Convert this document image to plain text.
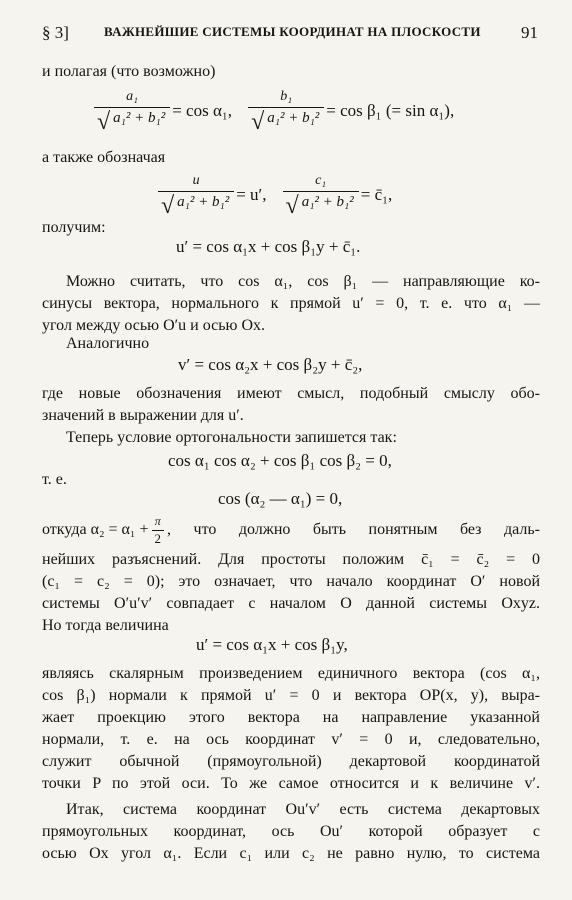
§ 3]	ВАЖНЕЙШИЕ СИСТЕМЫ КООРДИНАТ НА ПЛОСКОСТИ 91
и полагая (что возможно)
$\frac{\text{a₁}}{\text{√ a₁² + b₁²}} = \cos \alpha_1$, $\frac{\text{b₁}}{\text{√ a₁² + b₁²}} = \cos \beta_1$ (= sin α₁),
а также обозначая
$\frac{u}{\text{√ a₁² + b₁²}} = u'$, $\frac{\text{c₁}}{\text{√ a₁² + b₁²}}$ = c̄₁,
получим:
u′ = cos α₁x + cos β₁y + c̄₁.
Можно считать, что cos α₁, cos β₁ — направляющие ко-
синусы вектора, нормального к прямой u′ = 0, т. е. что α₁ —
угол между осью O′u и осью Ox.
Аналогично
v′ = cos α₂x + cos β₂y + c̄₂,
где новые обозначения имеют смысл, подобный смыслу обо-
значений в выражении для u′.
Теперь условие ортогональности запишется так:
cos α₁ cos α₂ + cos β₁ cos β₂ = 0,
т. е.
cos (α₂ — α₁) = 0,
откуда $\alpha_2 = \alpha_1 + \frac{\pi}{2}$ , что должно быть понятным без даль-
нейших разъяснений. Для простоты положим c̄₁ = c̄₂ = 0
(c₁ = c₂ = 0); это означает, что начало координат O′ новой
системы O′u′v′ совпадает с началом O данной системы Oxyz.
Но тогда величина
u′ = cos α₁x + cos β₁y,
являясь скалярным произведением единичного вектора (cos α₁,
cos β₁) нормали к прямой u′ = 0 и вектора OP(x, y), выра-
жает проекцию этого вектора на направление указанной
нормали, т. е. на ось координат v′ = 0 и, следовательно,
служит обычной (прямоугольной) декартовой координатой
точки P по этой оси. То же самое относится и к величине v′.
Итак, система координат Ou′v′ есть система декартовых
прямоугольных координат, ось Ou′ которой образует с
осью Ox угол α₁. Если c₁ или c₂ не равно нулю, то система
